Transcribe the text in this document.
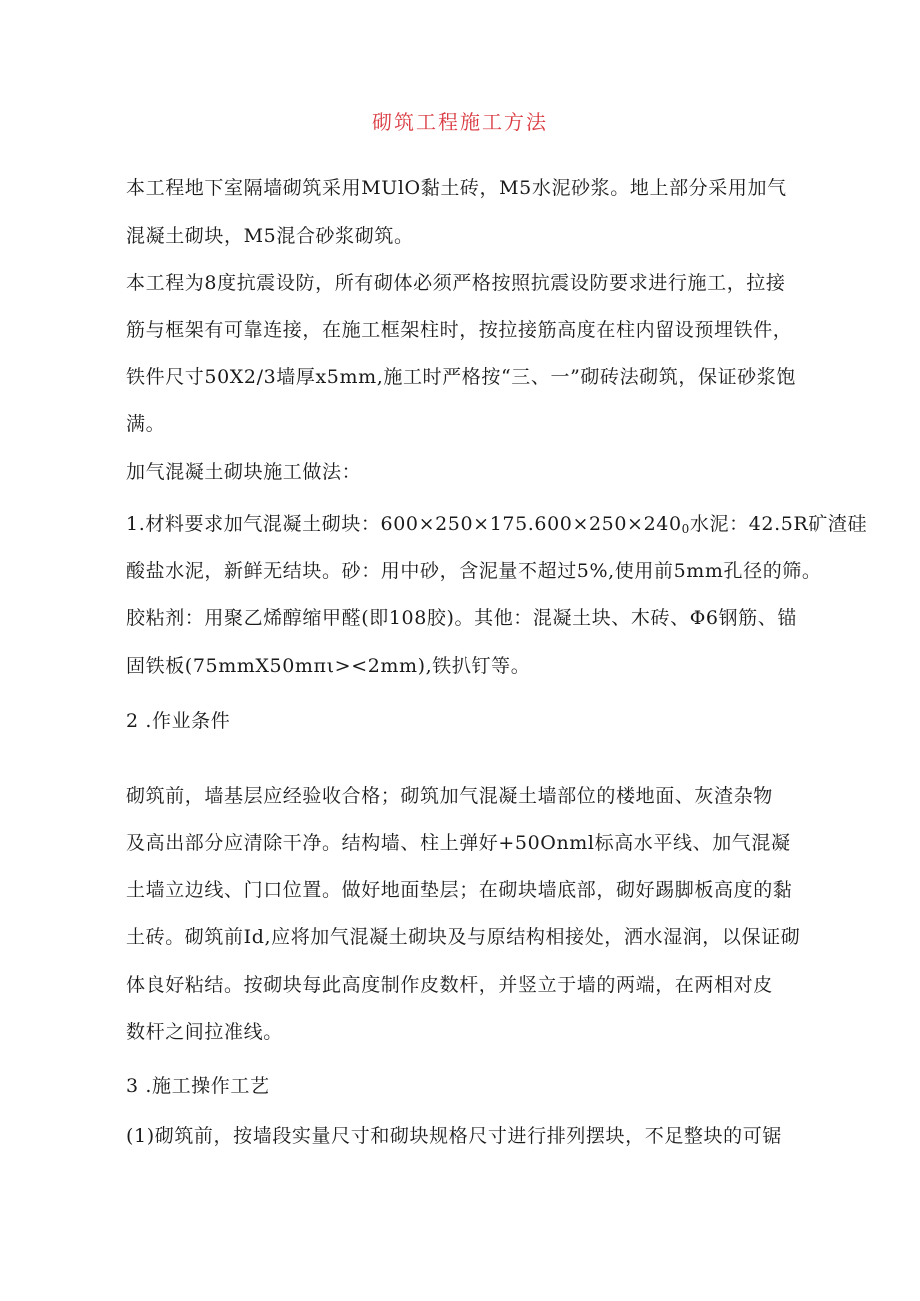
砌筑工程施工方法
本工程地下室隔墙砌筑采用MUlO黏土砖，M5水泥砂浆。地上部分采用加气
混凝土砌块，M5混合砂浆砌筑。
本工程为8度抗震设防，所有砌体必须严格按照抗震设防要求进行施工，拉接
筋与框架有可靠连接，在施工框架柱时，按拉接筋高度在柱内留设预埋铁件，
铁件尺寸50X2/3墙厚x5mm,施工时严格按“三、一”砌砖法砌筑，保证砂浆饱
满。
加气混凝土砌块施工做法：
1.材料要求加气混凝土砌块：$600\times 250\times 175.600\times 250\times 240_0$水泥：42.5R矿渣硅
酸盐水泥，新鲜无结块。砂：用中砂，含泥量不超过5%,使用前5mm孔径的筛。
胶粘剂：用聚乙烯醇缩甲醛(即108胶)。其他：混凝土块、木砖、Φ6钢筋、锚
固铁板(75mmX50mπι><2mm),铁扒钉等。
2 .作业条件
砌筑前，墙基层应经验收合格；砌筑加气混凝土墙部位的楼地面、灰渣杂物
及高出部分应清除干净。结构墙、柱上弹好+50Onml标高水平线、加气混凝
土墙立边线、门口位置。做好地面垫层；在砌块墙底部，砌好踢脚板高度的黏
土砖。砌筑前Id,应将加气混凝土砌块及与原结构相接处，洒水湿润，以保证砌
体良好粘结。按砌块每此高度制作皮数杆，并竖立于墙的两端，在两相对皮
数杆之间拉准线。
3 .施工操作工艺
(1)砌筑前，按墙段实量尺寸和砌块规格尺寸进行排列摆块，不足整块的可锯
